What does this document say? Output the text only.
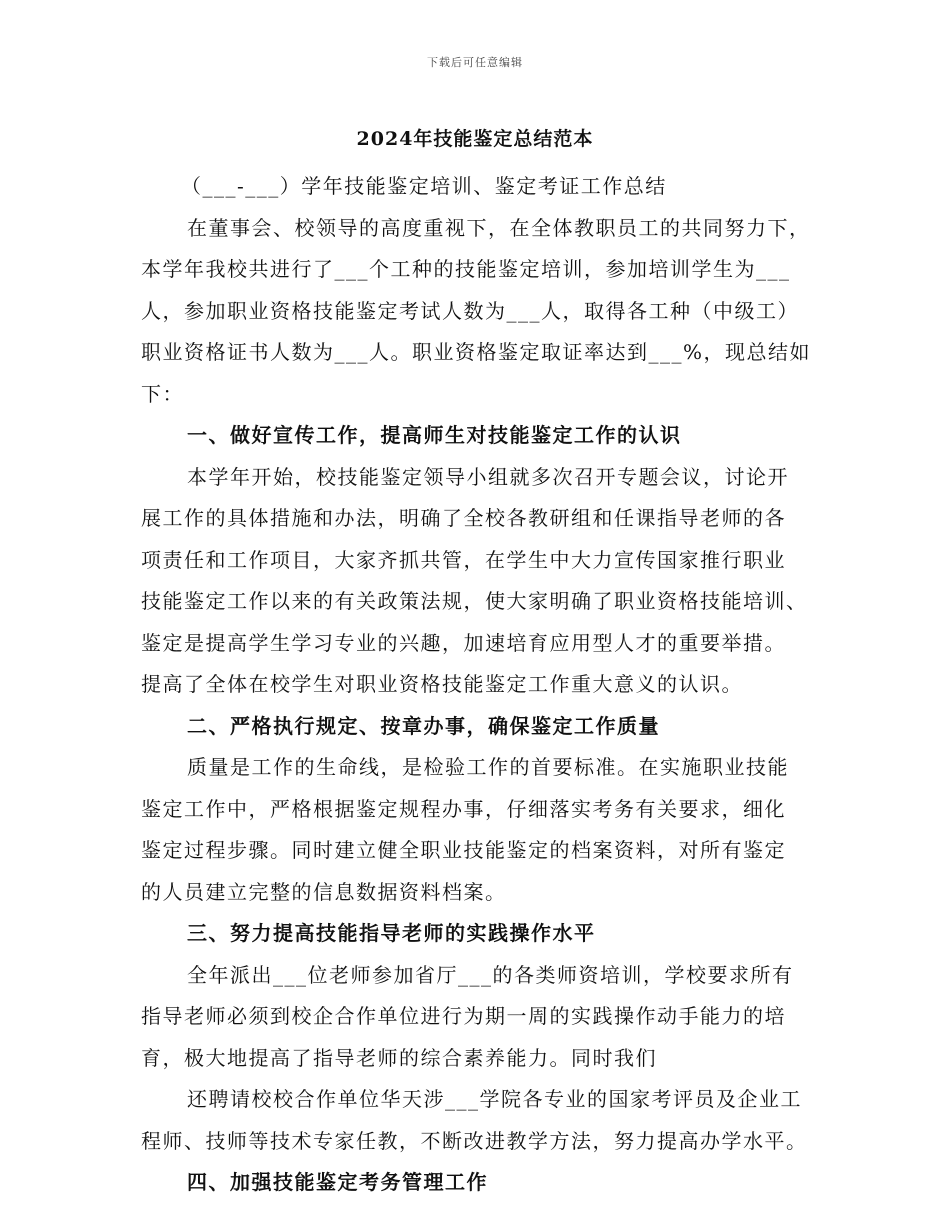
下载后可任意编辑
2024年技能鉴定总结范本
（___-___）学年技能鉴定培训、鉴定考证工作总结
在董事会、校领导的高度重视下，在全体教职员工的共同努力下，
本学年我校共进行了___个工种的技能鉴定培训，参加培训学生为___
人，参加职业资格技能鉴定考试人数为___人，取得各工种（中级工）
职业资格证书人数为___人。职业资格鉴定取证率达到___%，现总结如
下：
一、做好宣传工作，提高师生对技能鉴定工作的认识
本学年开始，校技能鉴定领导小组就多次召开专题会议，讨论开
展工作的具体措施和办法，明确了全校各教研组和任课指导老师的各
项责任和工作项目，大家齐抓共管，在学生中大力宣传国家推行职业
技能鉴定工作以来的有关政策法规，使大家明确了职业资格技能培训、
鉴定是提高学生学习专业的兴趣，加速培育应用型人才的重要举措。
提高了全体在校学生对职业资格技能鉴定工作重大意义的认识。
二、严格执行规定、按章办事，确保鉴定工作质量
质量是工作的生命线，是检验工作的首要标准。在实施职业技能
鉴定工作中，严格根据鉴定规程办事，仔细落实考务有关要求，细化
鉴定过程步骤。同时建立健全职业技能鉴定的档案资料，对所有鉴定
的人员建立完整的信息数据资料档案。
三、努力提高技能指导老师的实践操作水平
全年派出___位老师参加省厅___的各类师资培训，学校要求所有
指导老师必须到校企合作单位进行为期一周的实践操作动手能力的培
育，极大地提高了指导老师的综合素养能力。同时我们
还聘请校校合作单位华天涉___学院各专业的国家考评员及企业工
程师、技师等技术专家任教，不断改进教学方法，努力提高办学水平。
四、加强技能鉴定考务管理工作
